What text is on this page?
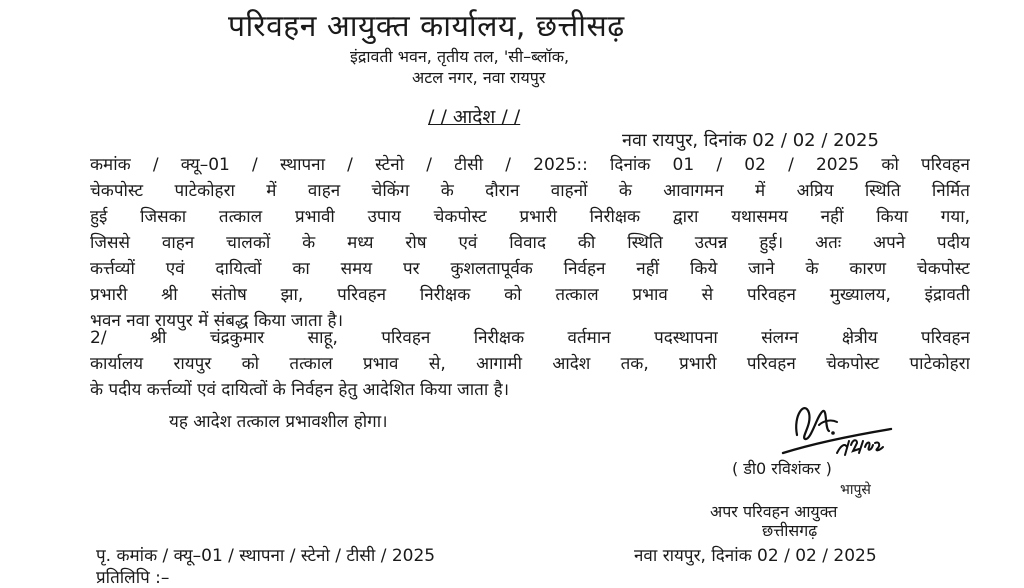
परिवहन आयुक्त कार्यालय, छत्तीसढ़
इंद्रावती भवन, तृतीय तल, 'सी–ब्लॉक,
अटल नगर, नवा रायपुर
/ / आदेश / /
नवा रायपुर, दिनांक 02 / 02 / 2025
कमांक / क्यू–01 / स्थापना / स्टेनो / टीसी / 2025:: दिनांक 01 / 02 / 2025 को परिवहन
चेकपोस्ट पाटेकोहरा में वाहन चेकिंग के दौरान वाहनों के आवागमन में अप्रिय स्थिति निर्मित
हुई जिसका तत्काल प्रभावी उपाय चेकपोस्ट प्रभारी निरीक्षक द्वारा यथासमय नहीं किया गया,
जिससे वाहन चालकों के मध्य रोष एवं विवाद की स्थिति उत्पन्न हुई। अतः अपने पदीय
कर्त्तव्यों एवं दायित्वों का समय पर कुशलतापूर्वक निर्वहन नहीं किये जाने के कारण चेकपोस्ट
प्रभारी श्री संतोष झा, परिवहन निरीक्षक को तत्काल प्रभाव से परिवहन मुख्यालय, इंद्रावती
भवन नवा रायपुर में संबद्ध किया जाता है।
2/	श्री चंद्रकुमार साहू, परिवहन निरीक्षक वर्तमान पदस्थापना संलग्न क्षेत्रीय परिवहन
कार्यालय रायपुर को तत्काल प्रभाव से, आगामी आदेश तक, प्रभारी परिवहन चेकपोस्ट पाटेकोहरा
के पदीय कर्त्तव्यों एवं दायित्वों के निर्वहन हेतु आदेशित किया जाता है।
यह आदेश तत्काल प्रभावशील होगा।
( डी0 रविशंकर )
भापुसे
अपर परिवहन आयुक्त
छत्तीसगढ़
पृ. कमांक / क्यू–01 / स्थापना / स्टेनो / टीसी / 2025	नवा रायपुर, दिनांक 02 / 02 / 2025
प्रतिलिपि :–
